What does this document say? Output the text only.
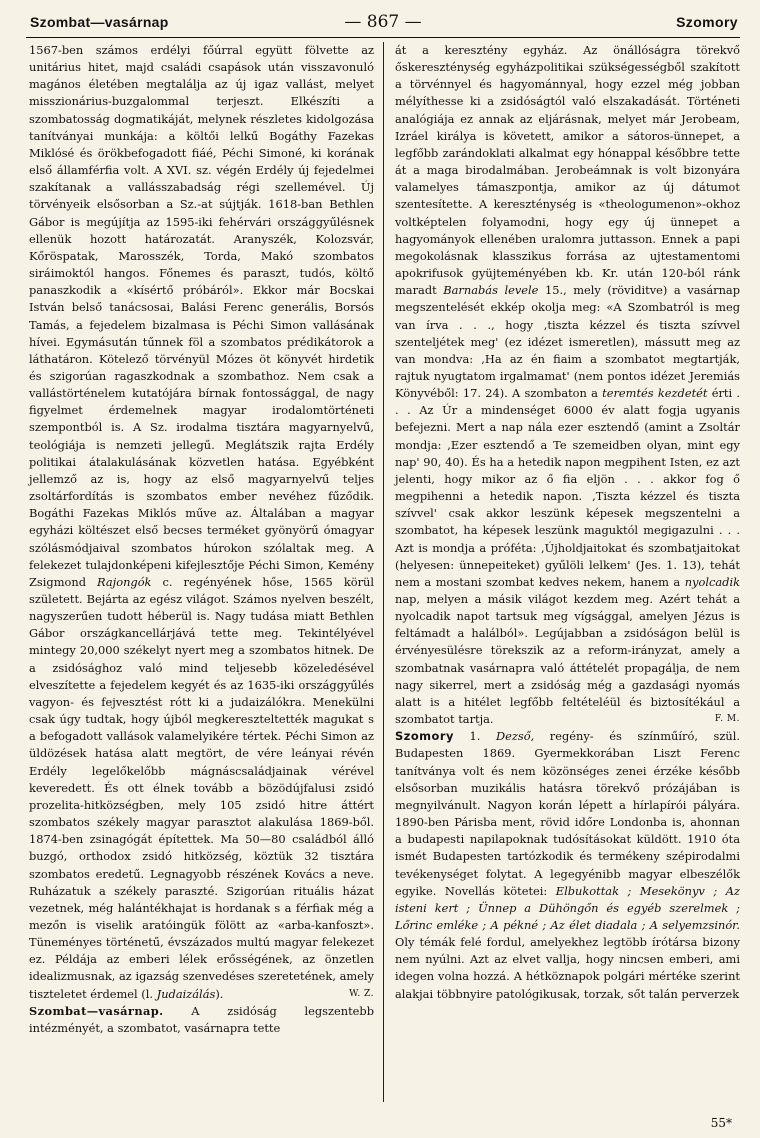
Szombat—vasárnap	— 867 —	Szomory

1567-ben számos erdélyi főúrral együtt fölvette az unitárius hitet, majd családi csapások után visszavonuló magános életében megtalálja az új igaz vallást, melyet misszionárius-buzgalommal terjeszt. Elkészíti a szombatosság dogmatikáját, melynek részletes kidolgozása tanítványai munkája: a költői lelkű Bogáthy Fazekas Miklósé és örökbefogadott fiáé, Péchi Simoné, ki korának első államférfia volt. A XVI. sz. végén Erdély új fejedelmei szakítanak a vallásszabadság régi szellemével. Új törvényeik elsősorban a Sz.-at sújtják. 1618-ban Bethlen Gábor is megújítja az 1595-iki fehérvári országgyűlésnek ellenük hozott határozatát. Aranyszék, Kolozsvár, Kőröspatak, Marosszék, Torda, Makó szombatos siráimoktól hangos. Főnemes és paraszt, tudós, költő panaszkodik a «kísértő próbáról». Ekkor már Bocskai István belső tanácsosai, Balási Ferenc generális, Borsós Tamás, a fejedelem bizalmasa is Péchi Simon vallásának hívei. Egymásután tűnnek föl a szombatos prédikátorok a láthatáron. Kötelező törvényül Mózes öt könyvét hirdetik és szigorúan ragaszkodnak a szombathoz. Nem csak a vallástörténelem kutatójára bírnak fontossággal, de nagy figyelmet érdemelnek magyar irodalomtörténeti szempontból is. A Sz. irodalma tisztára magyarnyelvű, teológiája is nemzeti jellegű. Meglátszik rajta Erdély politikai átalakulásának közvetlen hatása. Egyébként jellemző az is, hogy az első magyarnyelvű teljes zsoltárfordítás is szombatos ember nevéhez fűződik. Bogáthi Fazekas Miklós műve az. Általában a magyar egyházi költészet első becses terméket gyönyörű ómagyar szólásmódjaival szombatos húrokon szólaltak meg. A felekezet tulajdonképeni kifejlesztője Péchi Simon, Kemény Zsigmond Rajongók c. regényének hőse, 1565 körül született. Bejárta az egész világot. Számos nyelven beszélt, nagyszerűen tudott héberül is. Nagy tudása miatt Bethlen Gábor országkancellárjává tette meg. Tekintélyével mintegy 20,000 székelyt nyert meg a szombatos hitnek. De a zsidósághoz való mind teljesebb közeledésével elveszítette a fejedelem kegyét és az 1635-iki országgyűlés vagyon- és fejvesztést rótt ki a judaizálókra. Menekülni csak úgy tudtak, hogy újból megkereszteltették magukat s a befogadott vallások valamelyikére tértek. Péchi Simon az üldözések hatása alatt megtört, de vére leányai révén Erdély legelőkelőbb mágnáscsaládjainak vérével keveredett. És ott élnek tovább a bözödújfalusi zsidó prozelita-hitközségben, mely 105 zsidó hitre áttért szombatos székely magyar parasztot alakulása 1869-ből. 1874-ben zsinagógát építettek. Ma 50—80 családból álló buzgó, orthodox zsidó hitközség, köztük 32 tisztára szombatos eredetű. Legnagyobb részének Kovács a neve. Ruházatuk a székely paraszté. Szigorúan rituális házat vezetnek, még halántékhajat is hordanak s a férfiak még a mezőn is viselik aratóingük fölött az «arba-kanfoszt». Tüneményes történetű, évszázados multú magyar felekezet ez. Példája az emberi lélek erősségének, az önzetlen idealizmusnak, az igazság szenvedéses szeretetének, amely tiszteletet érdemel (l. Judaizálás).	W. Z.

Szombat—vasárnap. A zsidóság legszentebb intézményét, a szombatot, vasárnapra tette

át a keresztény egyház. Az önállóságra törekvő őskereszténység egyházpolitikai szükségességből szakított a törvénnyel és hagyománnyal, hogy ezzel még jobban mélyíthesse ki a zsidóságtól való elszakadását. Történeti analógiája ez annak az eljárásnak, melyet már Jerobeam, Izráel királya is követett, amikor a sátoros-ünnepet, a legfőbb zarándoklati alkalmat egy hónappal későbbre tette át a maga birodalmában. Jerobeámnak is volt bizonyára valamelyes támaszpontja, amikor az új dátumot szentesítette. A kereszténység is «theologumenon»-okhoz voltképtelen folyamodni, hogy egy új ünnepet a hagyományok ellenében uralomra juttasson. Ennek a papi megokolásnak klasszikus forrása az ujtestamentomi apokrifusok gyüjteményében kb. Kr. után 120-ból ránk maradt Barnabás levele 15., mely (röviditve) a vasárnap megszentelését ekkép okolja meg: «A Szombatról is meg van írva . . ., hogy ,tiszta kézzel és tiszta szívvel szenteljétek meg' (ez idézet ismeretlen), mássutt meg az van mondva: ,Ha az én fiaim a szombatot megtartják, rajtuk nyugtatom irgalmamat' (nem pontos idézet Jeremiás Könyvéből: 17. 24). A szombaton a teremtés kezdetét érti . . . Az Úr a mindenséget 6000 év alatt fogja ugyanis befejezni. Mert a nap nála ezer esztendő (amint a Zsoltár mondja: ,Ezer esztendő a Te szemeidben olyan, mint egy nap' 90, 40). És ha a hetedik napon megpihent Isten, ez azt jelenti, hogy mikor az ő fia eljön . . . akkor fog ő megpihenni a hetedik napon. ,Tiszta kézzel és tiszta szívvel' csak akkor leszünk képesek megszentelni a szombatot, ha képesek leszünk maguktól megigazulni . . . Azt is mondja a próféta: ,Újholdjaitokat és szombatjaitokat (helyesen: ünnepeiteket) gyűlöli lelkem' (Jes. 1. 13), tehát nem a mostani szombat kedves nekem, hanem a nyolcadik nap, melyen a másik világot kezdem meg. Azért tehát a nyolcadik napot tartsuk meg vígsággal, amelyen Jézus is feltámadt a halálból». Legújabban a zsidóságon belül is érvényesülésre törekszik az a reform-irányzat, amely a szombatnak vasárnapra való áttételét propagálja, de nem nagy sikerrel, mert a zsidóság még a gazdasági nyomás alatt is a hitélet legfőbb feltételéül és biztosítékául a szombatot tartja.	F. M.

Szomory 1. Dezső, regény- és színműíró, szül. Budapesten 1869. Gyermekkorában Liszt Ferenc tanítványa volt és nem közönséges zenei érzéke később elsősorban muzikális hatásra törekvő prózájában is megnyilvánult. Nagyon korán lépett a hírlapírói pályára. 1890-ben Párisba ment, rövid időre Londonba is, ahonnan a budapesti napilapoknak tudósításokat küldött. 1910 óta ismét Budapesten tartózkodik és termékeny szépirodalmi tevékenységet folytat. A legegyénibb magyar elbeszélők egyike. Novellás kötetei: Elbukottak ; Mesekönyv ; Az isteni kert ; Ünnep a Dühöngőn és egyéb szerelmek ; Lőrinc emléke ; A pékné ; Az élet diadala ; A selyemzsinór. Oly témák felé fordul, amelyekhez legtöbb írótársa bizony nem nyúlni. Azt az elvet vallja, hogy nincsen emberi, ami idegen volna hozzá. A hétköznapok polgári mértéke szerint alakjai többnyire patológikusak, torzak, sőt talán perverzek

55*
